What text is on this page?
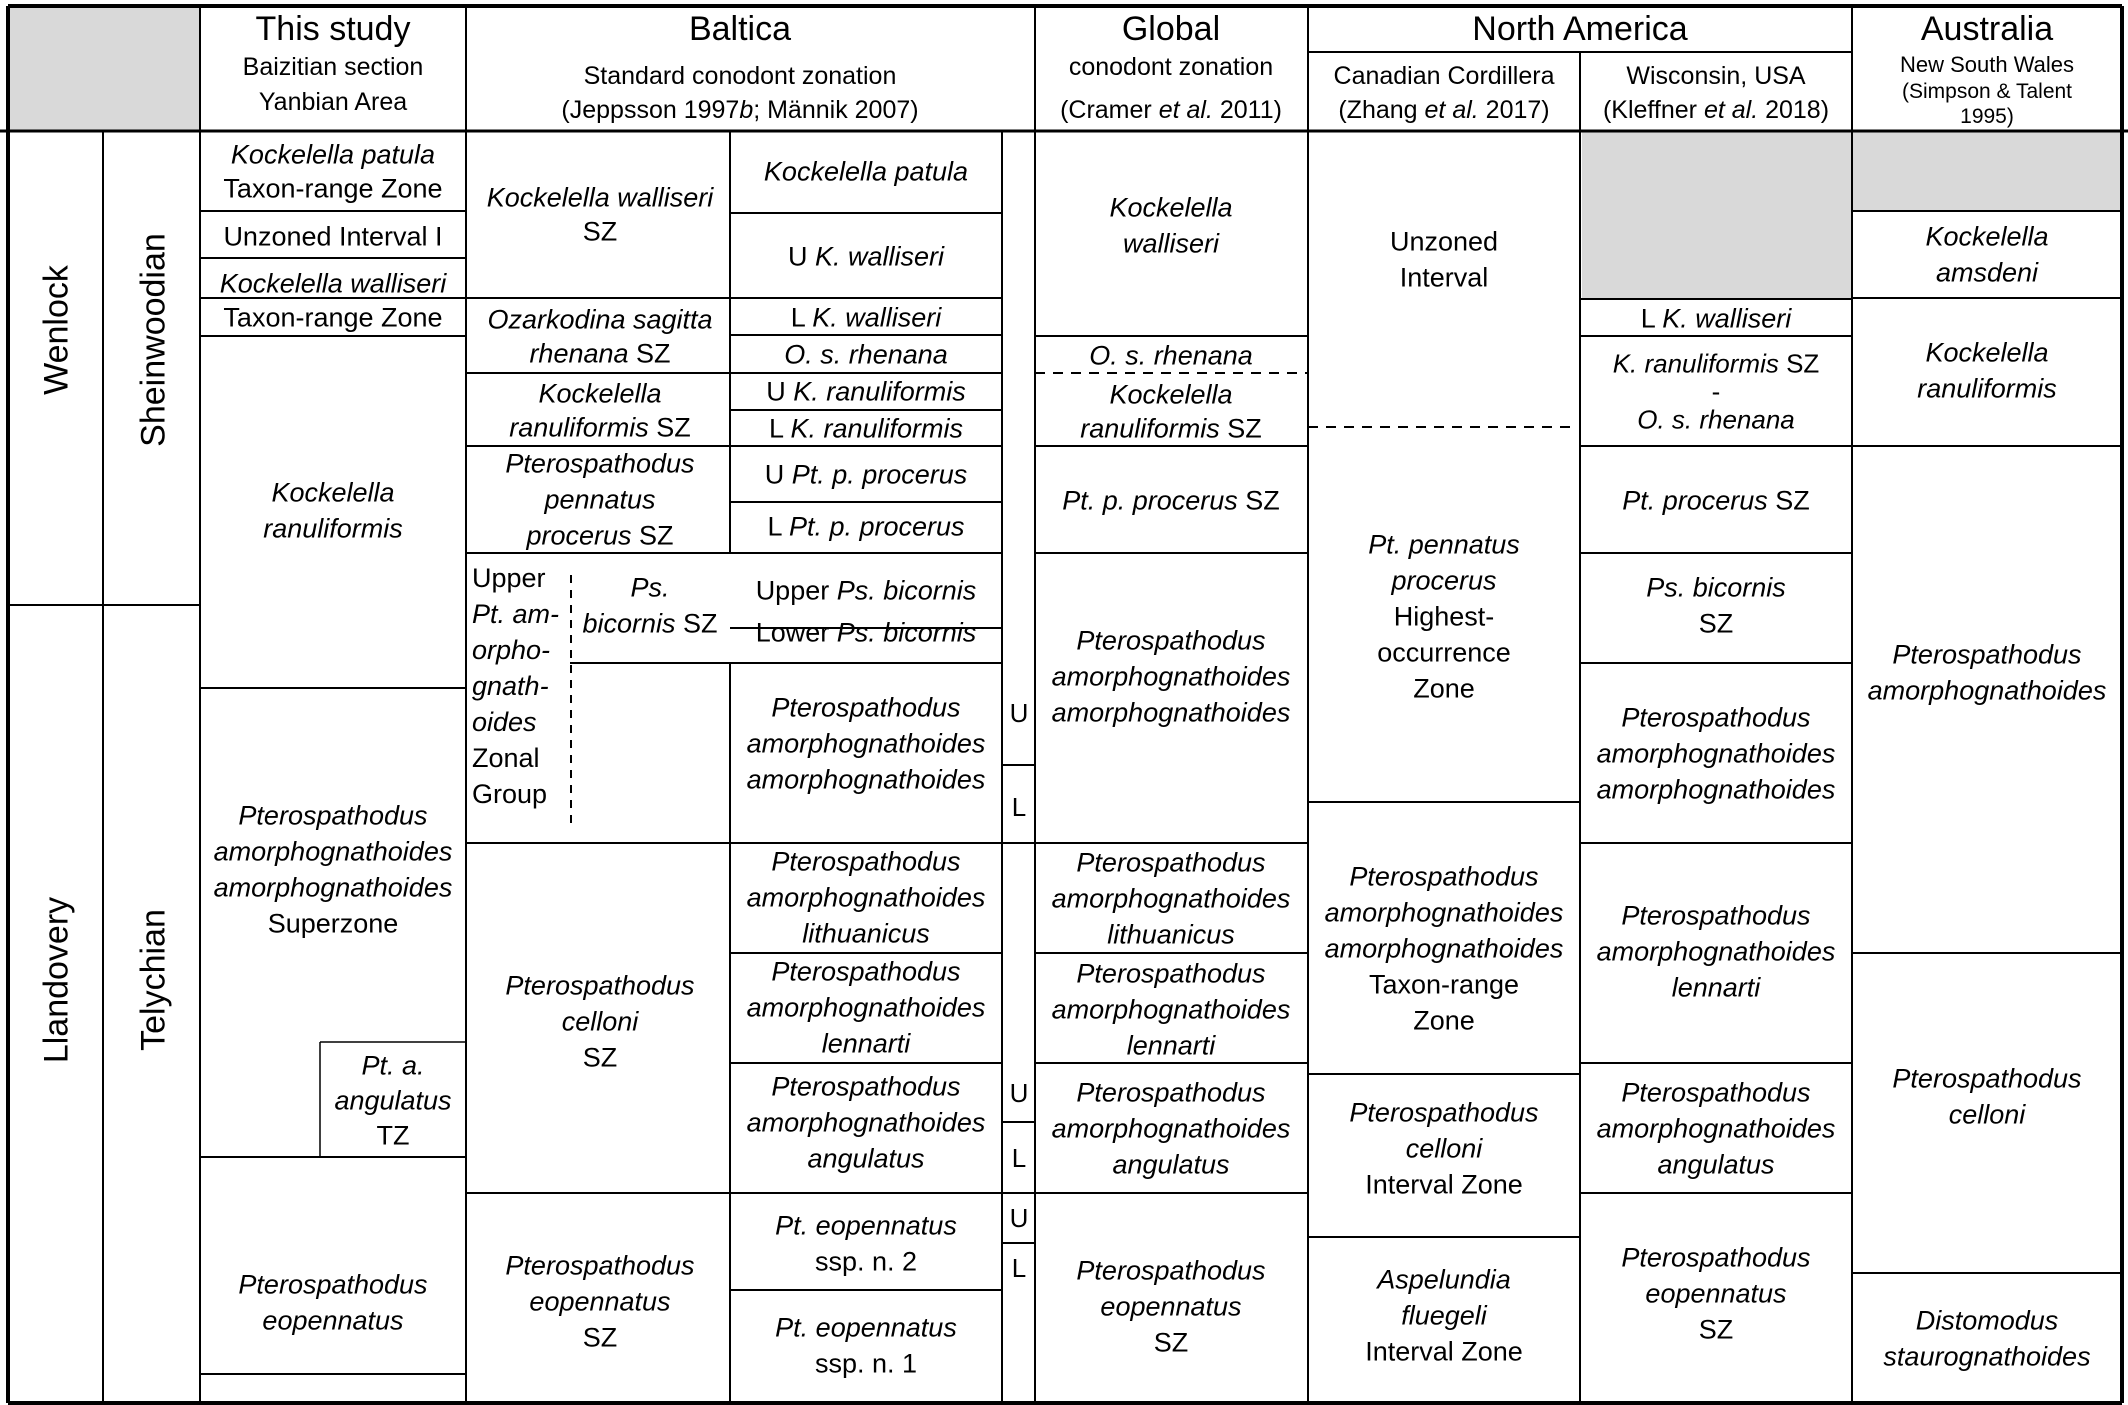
This study
Baizitian section
Yanbian Area
Baltica
Standard conodont zonation
(Jeppsson 1997b; Männik 2007)
Global
conodont zonation
(Cramer et al. 2011)
North America
Canadian Cordillera
(Zhang et al. 2017)
Wisconsin, USA
(Kleffner et al. 2018)
Australia
New South Wales
(Simpson & Talent
1995)
Wenlock
Llandovery
Sheinwoodian
Telychian
Kockelella patula Taxon-range Zone
Unzoned Interval I
Kockelella walliseri Taxon-range Zone
Kockelella ranuliformis
Pterospathodus amorphognathoides amorphognathoides Superzone
Pterospathodus eopennatus
Pt. a. angulatus TZ
Kockelella walliseri SZ
Ozarkodina sagitta rhenana SZ
Kockelella ranuliformis SZ
Pterospathodus pennatus procerus SZ
Upper Pt. am-orpho-gnath-oides Zonal Group
Ps. bicornis SZ
Pterospathodus celloni SZ
Pterospathodus eopennatus SZ
Kockelella patula
U K. walliseri
L K. walliseri
O. s. rhenana
U K. ranuliformis
L K. ranuliformis
U Pt. p. procerus
L Pt. p. procerus
Upper Ps. bicornis
Lower Ps. bicornis
Pterospathodus amorphognathoides amorphognathoides
Pterospathodus amorphognathoides lithuanicus
Pterospathodus amorphognathoides lennarti
Pterospathodus amorphognathoides angulatus
Pt. eopennatus ssp. n. 2
Pt. eopennatus ssp. n. 1
U
L
U
L
U
L
Kockelella walliseri
O. s. rhenana
Kockelella ranuliformis SZ
Pt. p. procerus SZ
Pterospathodus amorphognathoides amorphognathoides
Pterospathodus amorphognathoides lithuanicus
Pterospathodus amorphognathoides lennarti
Pterospathodus amorphognathoides angulatus
Pterospathodus eopennatus SZ
Unzoned Interval
Pt. pennatus procerus Highest-occurrence Zone
Pterospathodus amorphognathoides amorphognathoides Taxon-range Zone
Pterospathodus celloni Interval Zone
Aspelundia fluegeli Interval Zone
L K. walliseri
K. ranuliformis SZ -O. s. rhenana
Pt. procerus SZ
Ps. bicornis SZ
Pterospathodus amorphognathoides amorphognathoides
Pterospathodus amorphognathoides lennarti
Pterospathodus amorphognathoides angulatus
Pterospathodus eopennatus SZ
Kockelella amsdeni
Kockelella ranuliformis
Pterospathodus amorphognathoides
Pterospathodus celloni
Distomodus staurognathoides
